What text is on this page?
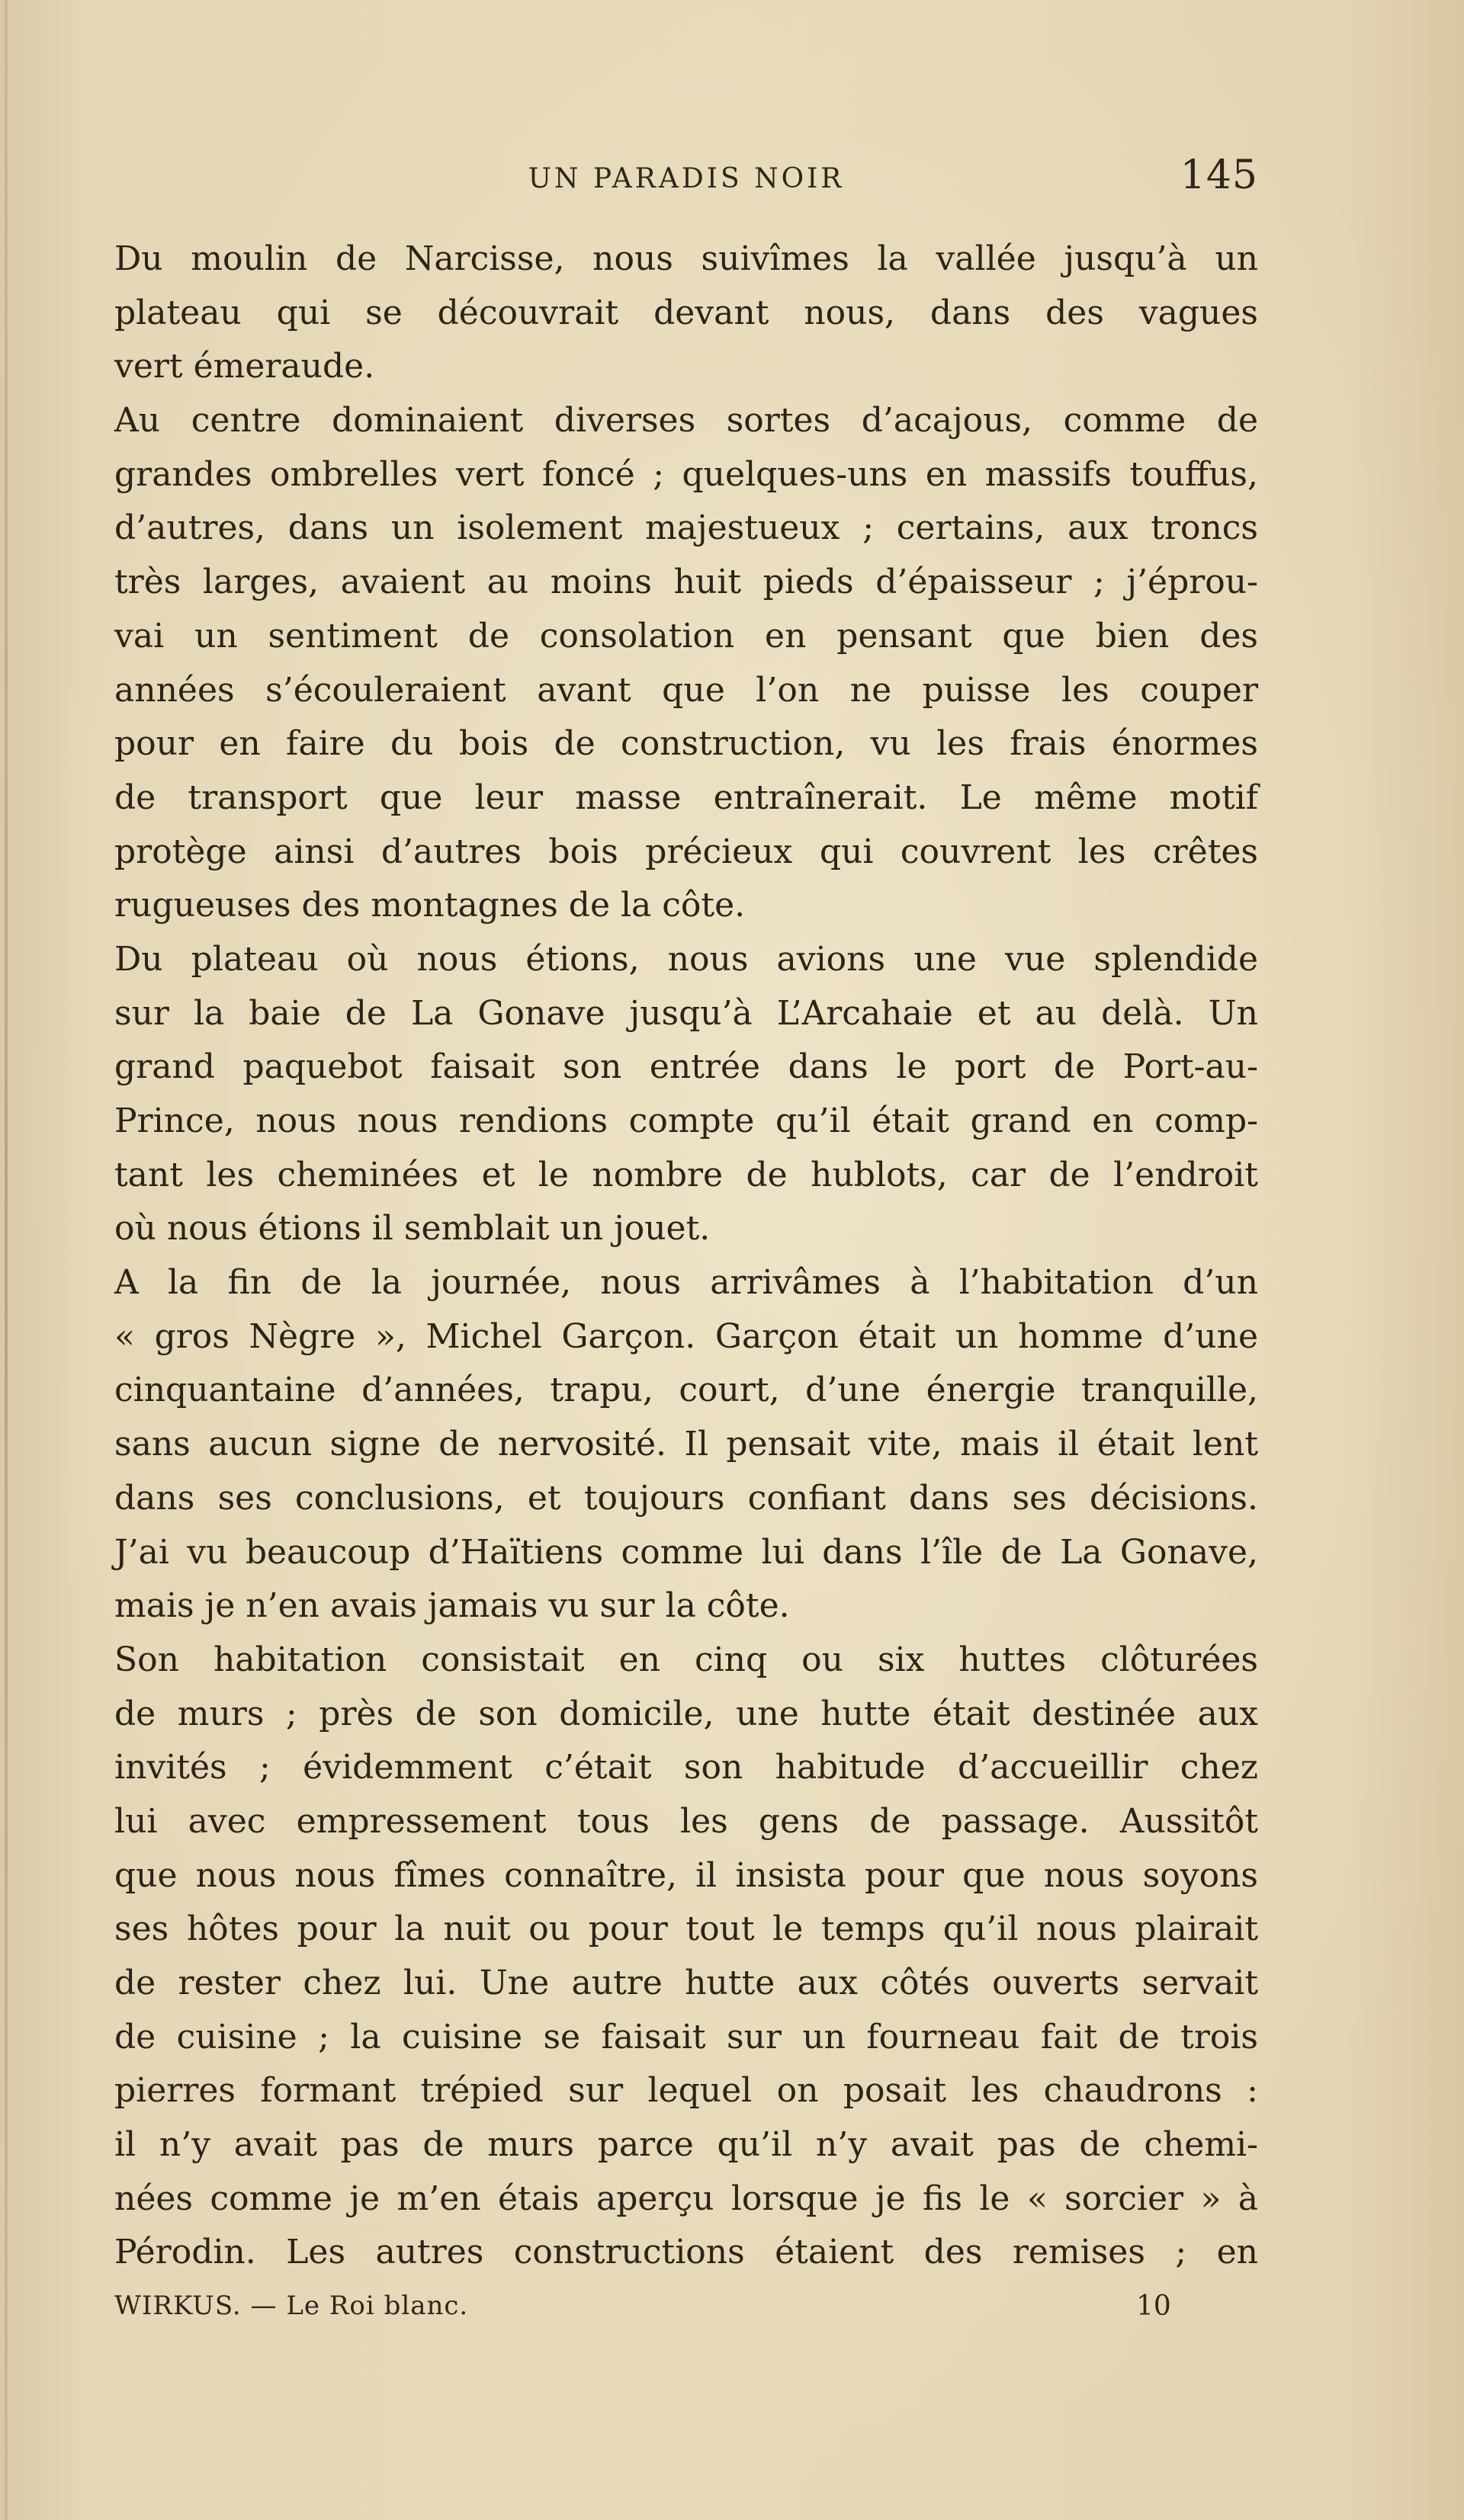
UN PARADIS NOIR	145
Du moulin de Narcisse, nous suivîmes la vallée jusqu’à un
plateau qui se découvrait devant nous, dans des vagues
vert émeraude.
Au centre dominaient diverses sortes d’acajous, comme de
grandes ombrelles vert foncé ; quelques-uns en massifs touffus,
d’autres, dans un isolement majestueux ; certains, aux troncs
très larges, avaient au moins huit pieds d’épaisseur ; j’éprou-
vai un sentiment de consolation en pensant que bien des
années s’écouleraient avant que l’on ne puisse les couper
pour en faire du bois de construction, vu les frais énormes
de transport que leur masse entraînerait. Le même motif
protège ainsi d’autres bois précieux qui couvrent les crêtes
rugueuses des montagnes de la côte.
Du plateau où nous étions, nous avions une vue splendide
sur la baie de La Gonave jusqu’à L’Arcahaie et au delà. Un
grand paquebot faisait son entrée dans le port de Port-au-
Prince, nous nous rendions compte qu’il était grand en comp-
tant les cheminées et le nombre de hublots, car de l’endroit
où nous étions il semblait un jouet.
A la fin de la journée, nous arrivâmes à l’habitation d’un
« gros Nègre », Michel Garçon. Garçon était un homme d’une
cinquantaine d’années, trapu, court, d’une énergie tranquille,
sans aucun signe de nervosité. Il pensait vite, mais il était lent
dans ses conclusions, et toujours confiant dans ses décisions.
J’ai vu beaucoup d’Haïtiens comme lui dans l’île de La Gonave,
mais je n’en avais jamais vu sur la côte.
Son habitation consistait en cinq ou six huttes clôturées
de murs ; près de son domicile, une hutte était destinée aux
invités ; évidemment c’était son habitude d’accueillir chez
lui avec empressement tous les gens de passage. Aussitôt
que nous nous fîmes connaître, il insista pour que nous soyons
ses hôtes pour la nuit ou pour tout le temps qu’il nous plairait
de rester chez lui. Une autre hutte aux côtés ouverts servait
de cuisine ; la cuisine se faisait sur un fourneau fait de trois
pierres formant trépied sur lequel on posait les chaudrons :
il n’y avait pas de murs parce qu’il n’y avait pas de chemi-
nées comme je m’en étais aperçu lorsque je fis le « sorcier » à
Pérodin. Les autres constructions étaient des remises ; en
WIRKUS. — Le Roi blanc.	10
